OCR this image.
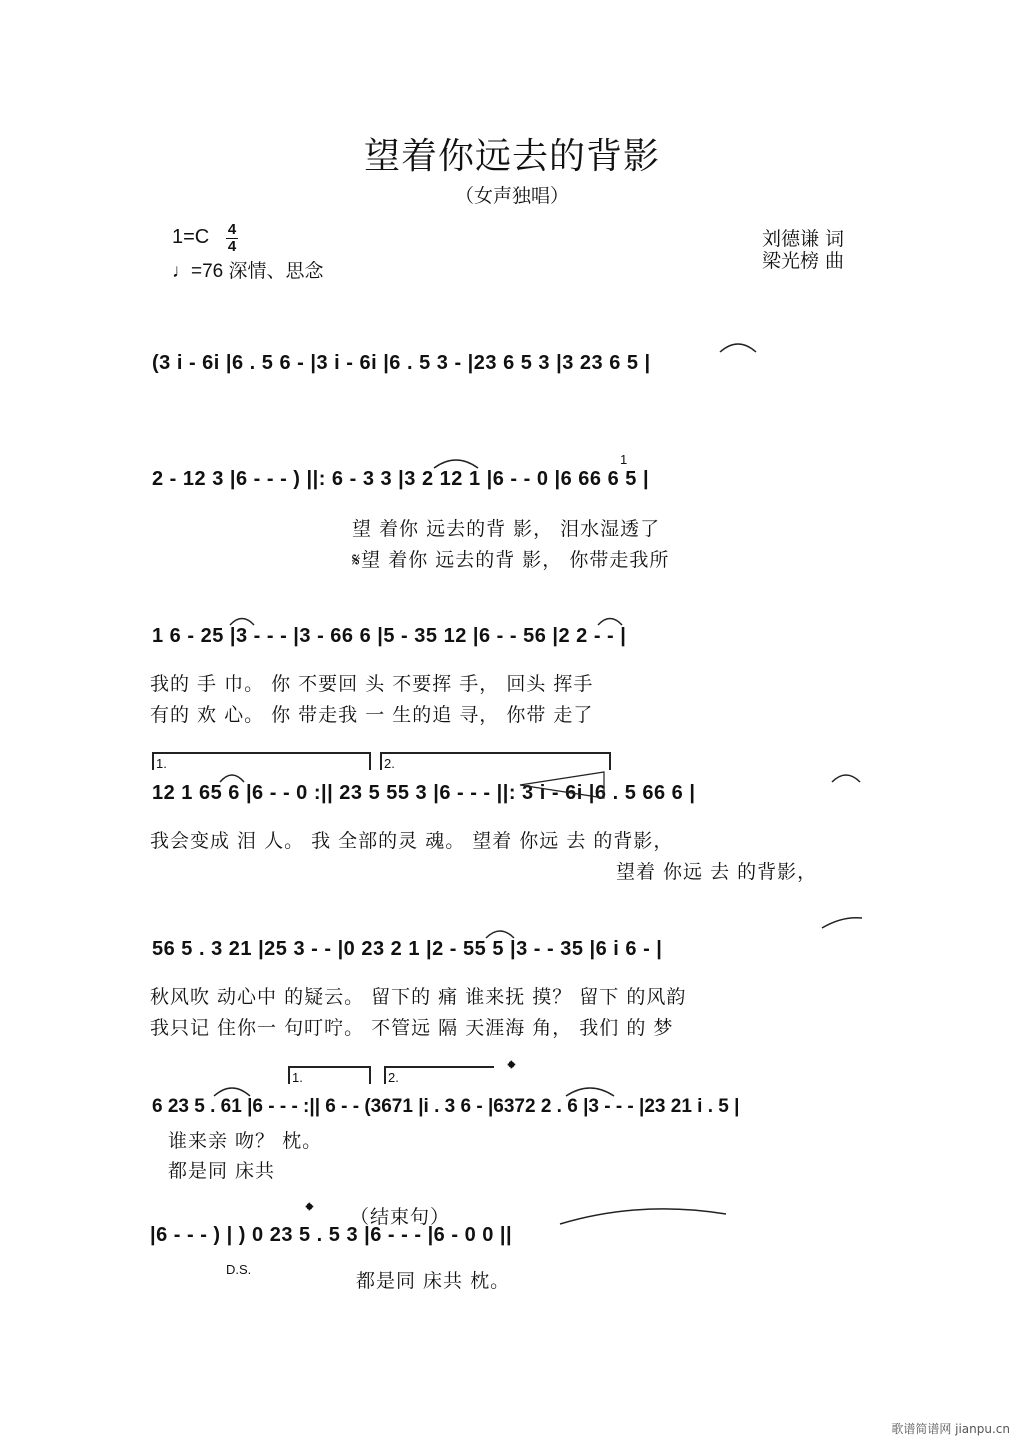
望着你远去的背影
（女声独唱）
1=C 4
4
♩=76 深情、思念
刘德谦 词
梁光榜 曲
(3 i - 6i |6 . 5 6 - |3 i - 6i |6 . 5 3 - |23 6 5 3 |3 23 6 5 |
1
2 - 12 3 |6 - - - ) ||: 6 - 3 3 |3 2 12 1 |6 - - 0 |6 66 6 5 |
望 着你 远去的背 影， 泪水湿透了
𝄋望 着你 远去的背 影， 你带走我所
1 6 - 25 |3 - - - |3 - 66 6 |5 - 35 12 |6 - - 56 |2 2 - - |
我的 手 巾。 你 不要回 头 不要挥 手， 回头 挥手
有的 欢 心。 你 带走我 一 生的追 寻， 你带 走了
1.	2.
12 1 65 6 |6 - - 0 :|| 23 5 55 3 |6 - - - ||: 3 i - 6i |6 . 5 66 6 |
我会变成 泪 人。 我 全部的灵 魂。 望着 你远 去 的背影，
望着 你远 去 的背影，
56 5 . 3 21 |25 3 - - |0 23 2 1 |2 - 55 5 |3 - - 35 |6 i 6 - |
秋风吹 动心中 的疑云。 留下的 痛 谁来抚 摸？ 留下 的风韵
我只记 住你一 句叮咛。 不管远 隔 天涯海 角， 我们 的 梦
1.	2.	𝄌
6 23 5 . 61 |6 - - - :|| 6 - - (3671 |i . 3 6 - |6372 2 . 6 |3 - - - |23 21 i . 5 |
谁来亲 吻？ 枕。
都是同 床共
𝄌 （结束句）
|6 - - - ) | ) 0 23 5 . 5 3 |6 - - - |6 - 0 0 ||
D.S.
都是同 床共 枕。
歌谱简谱网 jianpu.cn
